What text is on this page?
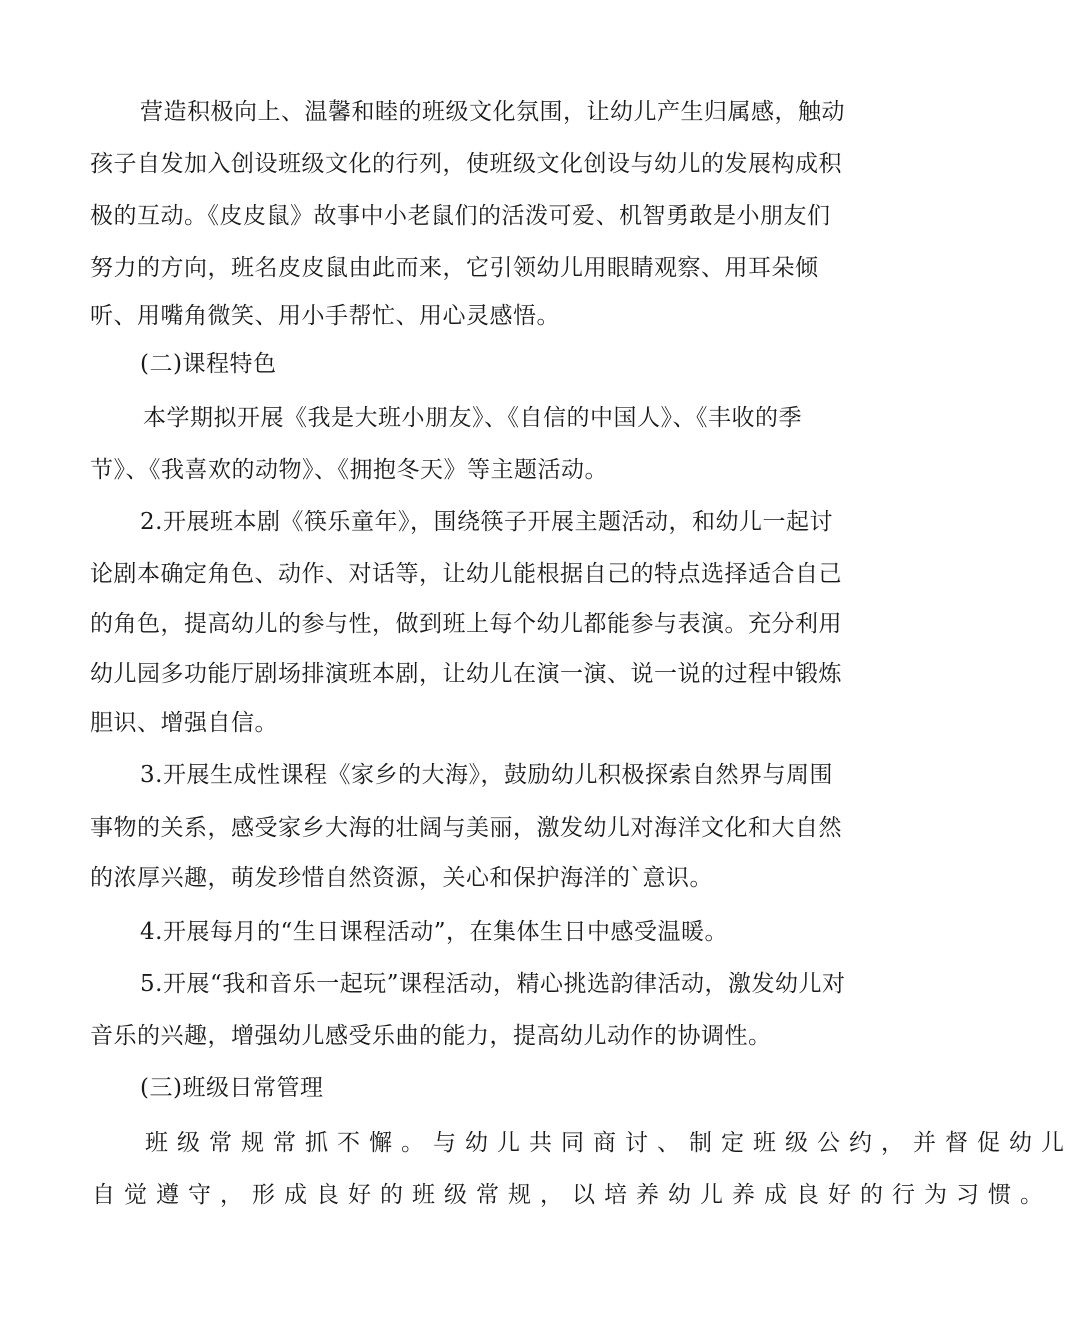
营造积极向上、温馨和睦的班级文化氛围，让幼儿产生归属感，触动
孩子自发加入创设班级文化的行列，使班级文化创设与幼儿的发展构成积
极的互动。《皮皮鼠》故事中小老鼠们的活泼可爱、机智勇敢是小朋友们
努力的方向，班名皮皮鼠由此而来，它引领幼儿用眼睛观察、用耳朵倾
听、用嘴角微笑、用小手帮忙、用心灵感悟。
(二)课程特色
本学期拟开展《我是大班小朋友》、《自信的中国人》、《丰收的季
节》、《我喜欢的动物》、《拥抱冬天》等主题活动。
2.开展班本剧《筷乐童年》，围绕筷子开展主题活动，和幼儿一起讨
论剧本确定角色、动作、对话等，让幼儿能根据自己的特点选择适合自己
的角色，提高幼儿的参与性，做到班上每个幼儿都能参与表演。充分利用
幼儿园多功能厅剧场排演班本剧，让幼儿在演一演、说一说的过程中锻炼
胆识、增强自信。
3.开展生成性课程《家乡的大海》，鼓励幼儿积极探索自然界与周围
事物的关系，感受家乡大海的壮阔与美丽，激发幼儿对海洋文化和大自然
的浓厚兴趣，萌发珍惜自然资源，关心和保护海洋的`意识。
4.开展每月的“生日课程活动”，在集体生日中感受温暖。
5.开展“我和音乐一起玩”课程活动，精心挑选韵律活动，激发幼儿对
音乐的兴趣，增强幼儿感受乐曲的能力，提高幼儿动作的协调性。
(三)班级日常管理
班级常规常抓不懈。与幼儿共同商讨、制定班级公约，并督促幼儿
自觉遵守，形成良好的班级常规，以培养幼儿养成良好的行为习惯。
